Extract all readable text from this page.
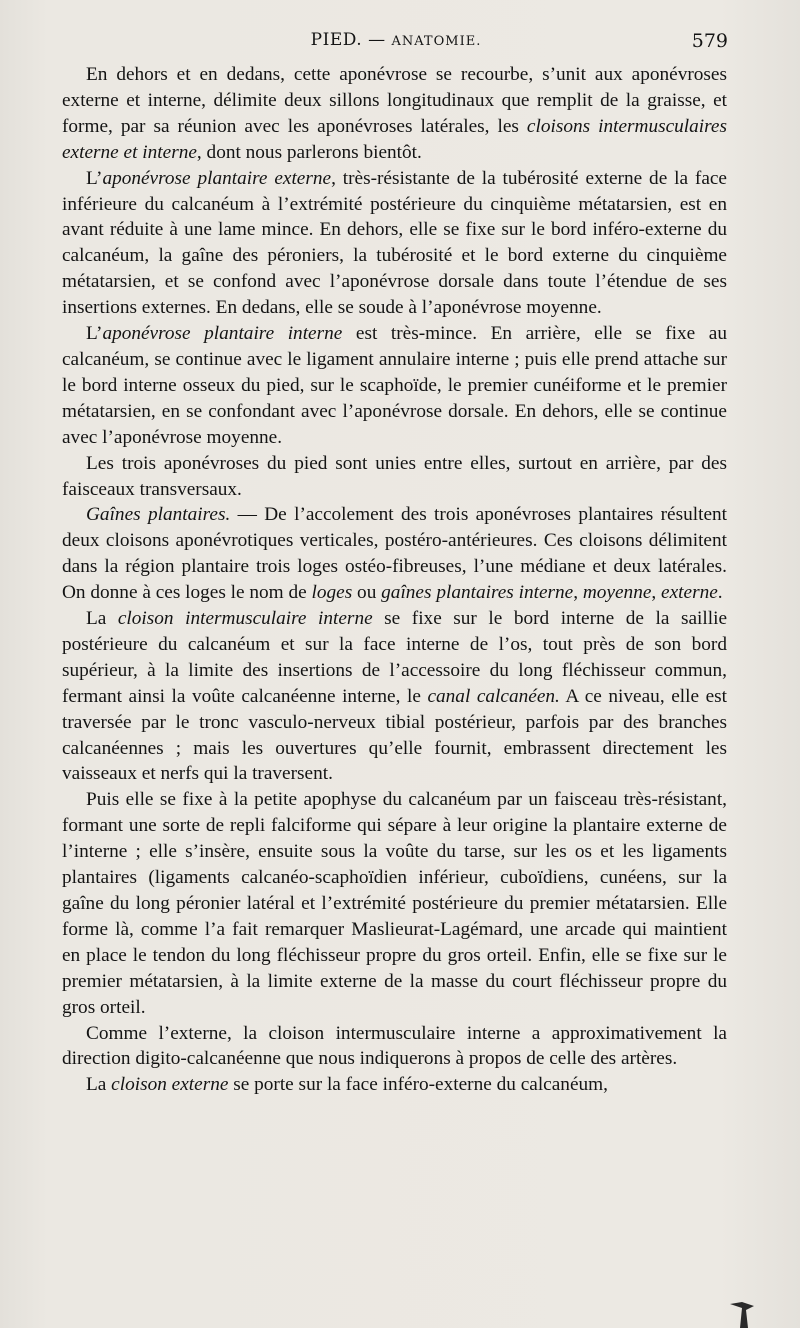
PIED. — ANATOMIE.	579

En dehors et en dedans, cette aponévrose se recourbe, s’unit aux aponévroses externe et interne, délimite deux sillons longitudinaux que remplit de la graisse, et forme, par sa réunion avec les aponévroses latérales, les cloisons intermusculaires externe et interne, dont nous parlerons bientôt.

L’aponévrose plantaire externe, très-résistante de la tubérosité externe de la face inférieure du calcanéum à l’extrémité postérieure du cinquième métatarsien, est en avant réduite à une lame mince. En dehors, elle se fixe sur le bord inféro-externe du calcanéum, la gaîne des péroniers, la tubérosité et le bord externe du cinquième métatarsien, et se confond avec l’aponévrose dorsale dans toute l’étendue de ses insertions externes. En dedans, elle se soude à l’aponévrose moyenne.

L’aponévrose plantaire interne est très-mince. En arrière, elle se fixe au calcanéum, se continue avec le ligament annulaire interne ; puis elle prend attache sur le bord interne osseux du pied, sur le scaphoïde, le premier cunéiforme et le premier métatarsien, en se confondant avec l’aponévrose dorsale. En dehors, elle se continue avec l’aponévrose moyenne.

Les trois aponévroses du pied sont unies entre elles, surtout en arrière, par des faisceaux transversaux.

Gaînes plantaires. — De l’accolement des trois aponévroses plantaires résultent deux cloisons aponévrotiques verticales, postéro-antérieures. Ces cloisons délimitent dans la région plantaire trois loges ostéo-fibreuses, l’une médiane et deux latérales. On donne à ces loges le nom de loges ou gaînes plantaires interne, moyenne, externe.

La cloison intermusculaire interne se fixe sur le bord interne de la saillie postérieure du calcanéum et sur la face interne de l’os, tout près de son bord supérieur, à la limite des insertions de l’accessoire du long fléchisseur commun, fermant ainsi la voûte calcanéenne interne, le canal calcanéen. A ce niveau, elle est traversée par le tronc vasculo-nerveux tibial postérieur, parfois par des branches calcanéennes ; mais les ouvertures qu’elle fournit, embrassent directement les vaisseaux et nerfs qui la traversent.

Puis elle se fixe à la petite apophyse du calcanéum par un faisceau très-résistant, formant une sorte de repli falciforme qui sépare à leur origine la plantaire externe de l’interne ; elle s’insère, ensuite sous la voûte du tarse, sur les os et les ligaments plantaires (ligaments calcanéo-scaphoïdien inférieur, cuboïdiens, cunéens, sur la gaîne du long péronier latéral et l’extrémité postérieure du premier métatarsien. Elle forme là, comme l’a fait remarquer Maslieurat-Lagémard, une arcade qui maintient en place le tendon du long fléchisseur propre du gros orteil. Enfin, elle se fixe sur le premier métatarsien, à la limite externe de la masse du court fléchisseur propre du gros orteil.

Comme l’externe, la cloison intermusculaire interne a approximativement la direction digito-calcanéenne que nous indiquerons à propos de celle des artères.

La cloison externe se porte sur la face inféro-externe du calcanéum,
